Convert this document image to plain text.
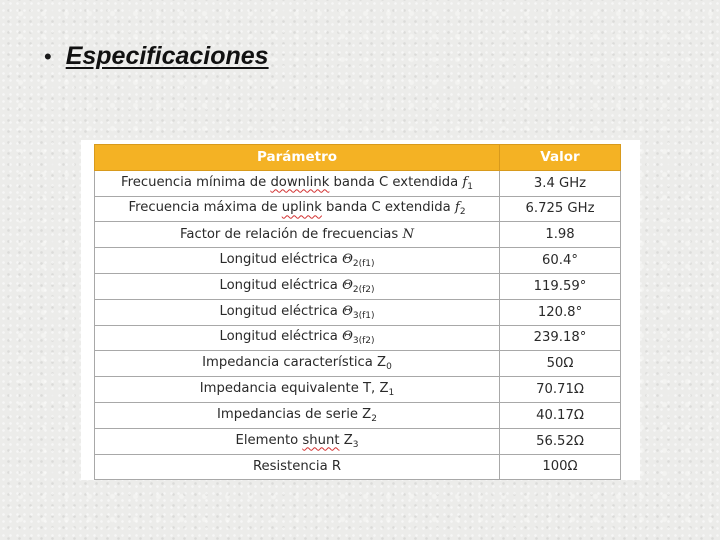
• Especificaciones
Parámetro	Valor
Frecuencia mínima de downlink banda C extendida $f_1$	3.4 GHz
Frecuencia máxima de uplink banda C extendida $f_2$	6.725 GHz
Factor de relación de frecuencias N	1.98
Longitud eléctrica $\Theta_{2(f1)}$	60.4°
Longitud eléctrica $\Theta_{2(f2)}$	119.59°
Longitud eléctrica $\Theta_{3(f1)}$	120.8°
Longitud eléctrica $\Theta_{3(f2)}$	239.18°
Impedancia característica $Z_0$	50Ω
Impedancia equivalente T, $Z_1$	70.71Ω
Impedancias de serie $Z_2$	40.17Ω
Elemento shunt $Z_3$	56.52Ω
Resistencia R	100Ω
